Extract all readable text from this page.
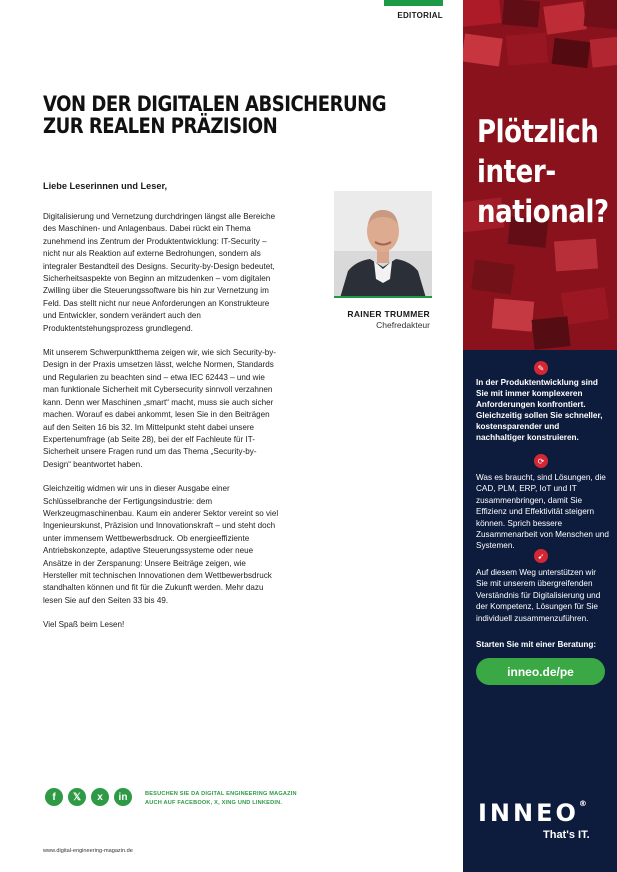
EDITORIAL
VON DER DIGITALEN ABSICHERUNG
ZUR REALEN PRÄZISION
Liebe Leserinnen und Leser,

Digitalisierung und Vernetzung durchdringen längst alle Bereiche des Maschinen- und Anlagenbaus. Dabei rückt ein Thema zunehmend ins Zentrum der Produktentwicklung: IT-Security – nicht nur als Reaktion auf externe Bedrohungen, sondern als integraler Bestandteil des Designs. Security-by-Design bedeutet, Sicherheitsaspekte von Beginn an mitzudenken – vom digitalen Zwilling über die Steuerungssoftware bis hin zur Vernetzung im Feld. Das stellt nicht nur neue Anforderungen an Konstrukteure und Entwickler, sondern verändert auch den Produktentstehungsprozess grundlegend.

Mit unserem Schwerpunktthema zeigen wir, wie sich Security-by-Design in der Praxis umsetzen lässt, welche Normen, Standards und Regularien zu beachten sind – etwa IEC 62443 – und wie man funktionale Sicherheit mit Cybersecurity sinnvoll verzahnen kann. Denn wer Maschinen „smart“ macht, muss sie auch sicher machen. Worauf es dabei ankommt, lesen Sie in den Beiträgen auf den Seiten 16 bis 32. Im Mittelpunkt steht dabei unsere Expertenumfrage (ab Seite 28), bei der elf Fachleute für IT-Sicherheit unsere Fragen rund um das Thema „Security-by-Design“ beantwortet haben.

Gleichzeitig widmen wir uns in dieser Ausgabe einer Schlüsselbranche der Fertigungsindustrie: dem Werkzeugmaschinenbau. Kaum ein anderer Sektor vereint so viel Ingenieurskunst, Präzision und Innovationskraft – und steht doch unter immensem Wettbewerbsdruck. Ob energieeffiziente Antriebskonzepte, adaptive Steuerungssysteme oder neue Ansätze in der Zerspanung: Unsere Beiträge zeigen, wie Hersteller mit technischen Innovationen dem Wettbewerbsdruck standhalten können und fit für die Zukunft werden. Mehr dazu lesen Sie auf den Seiten 33 bis 49.

Viel Spaß beim Lesen!

RAINER TRUMMER
Chefredakteur
f	𝕏	x	in	BESUCHEN SIE DA DIGITAL ENGINEERING MAGAZIN
AUCH AUF FACEBOOK, X, XING UND LINKEDIN.
www.digital-engineering-magazin.de
Plötzlich
inter-
national?
✎
In der Produktentwicklung sind Sie mit immer komplexeren Anforderungen konfrontiert. Gleichzeitig sollen Sie schneller, kostensparender und nachhaltiger konstruieren.
⟳
Was es braucht, sind Lösungen, die CAD, PLM, ERP, IoT und IT zusammenbringen, damit Sie Effizienz und Effektivität steigern können. Sprich bessere Zusammenarbeit von Menschen und Systemen.
➹
Auf diesem Weg unterstützen wir Sie mit unserem übergreifenden Verständnis für Digitalisierung und der Kompetenz, Lösungen für Sie individuell zusammenzuführen.
Starten Sie mit einer Beratung:
inneo.de/pe
INNEO®
That's IT.
